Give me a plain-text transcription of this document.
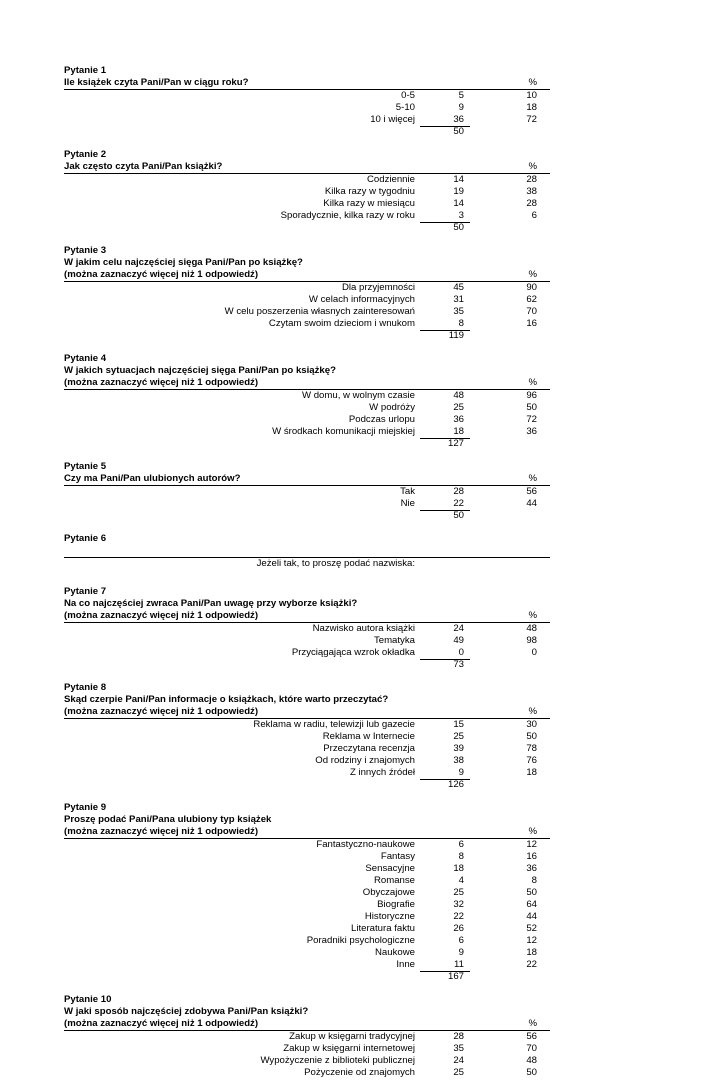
Pytanie 1
Ile książek czyta Pani/Pan w ciągu roku?	%
0-5	5	10
5-10	9	18
10 i więcej	36	72
50
Pytanie 2
Jak często czyta Pani/Pan książki?	%
Codziennie	14	28
Kilka razy w tygodniu	19	38
Kilka razy w miesiącu	14	28
Sporadycznie, kilka razy w roku	3	6
50
Pytanie 3
W jakim celu najczęściej sięga Pani/Pan po książkę?
(można zaznaczyć więcej niż 1 odpowiedź)	%
Dla przyjemności	45	90
W celach informacyjnych	31	62
W celu poszerzenia własnych zainteresowań	35	70
Czytam swoim dzieciom i wnukom	8	16
119
Pytanie 4
W jakich sytuacjach najczęściej sięga Pani/Pan po książkę?
(można zaznaczyć więcej niż 1 odpowiedź)	%
W domu, w wolnym czasie	48	96
W podróży	25	50
Podczas urlopu	36	72
W środkach komunikacji miejskiej	18	36
127
Pytanie 5
Czy ma Pani/Pan ulubionych autorów?	%
Tak	28	56
Nie	22	44
50
Pytanie 6
Jeżeli tak, to proszę podać nazwiska:
Pytanie 7
Na co najczęściej zwraca Pani/Pan uwagę przy wyborze książki?
(można zaznaczyć więcej niż 1 odpowiedź)	%
Nazwisko autora książki	24	48
Tematyka	49	98
Przyciągająca wzrok okładka	0	0
73
Pytanie 8
Skąd czerpie Pani/Pan informacje o książkach, które warto przeczytać?
(można zaznaczyć więcej niż 1 odpowiedź)	%
Reklama w radiu, telewizji lub gazecie	15	30
Reklama w Internecie	25	50
Przeczytana recenzja	39	78
Od rodziny i znajomych	38	76
Z innych źródeł	9	18
126
Pytanie 9
Proszę podać Pani/Pana ulubiony typ książek
(można zaznaczyć więcej niż 1 odpowiedź)	%
Fantastyczno-naukowe	6	12
Fantasy	8	16
Sensacyjne	18	36
Romanse	4	8
Obyczajowe	25	50
Biografie	32	64
Historyczne	22	44
Literatura faktu	26	52
Poradniki psychologiczne	6	12
Naukowe	9	18
Inne	11	22
167
Pytanie 10
W jaki sposób najczęściej zdobywa Pani/Pan książki?
(można zaznaczyć więcej niż 1 odpowiedź)	%
Zakup w księgarni tradycyjnej	28	56
Zakup w księgarni internetowej	35	70
Wypożyczenie z biblioteki publicznej	24	48
Pożyczenie od znajomych	25	50
